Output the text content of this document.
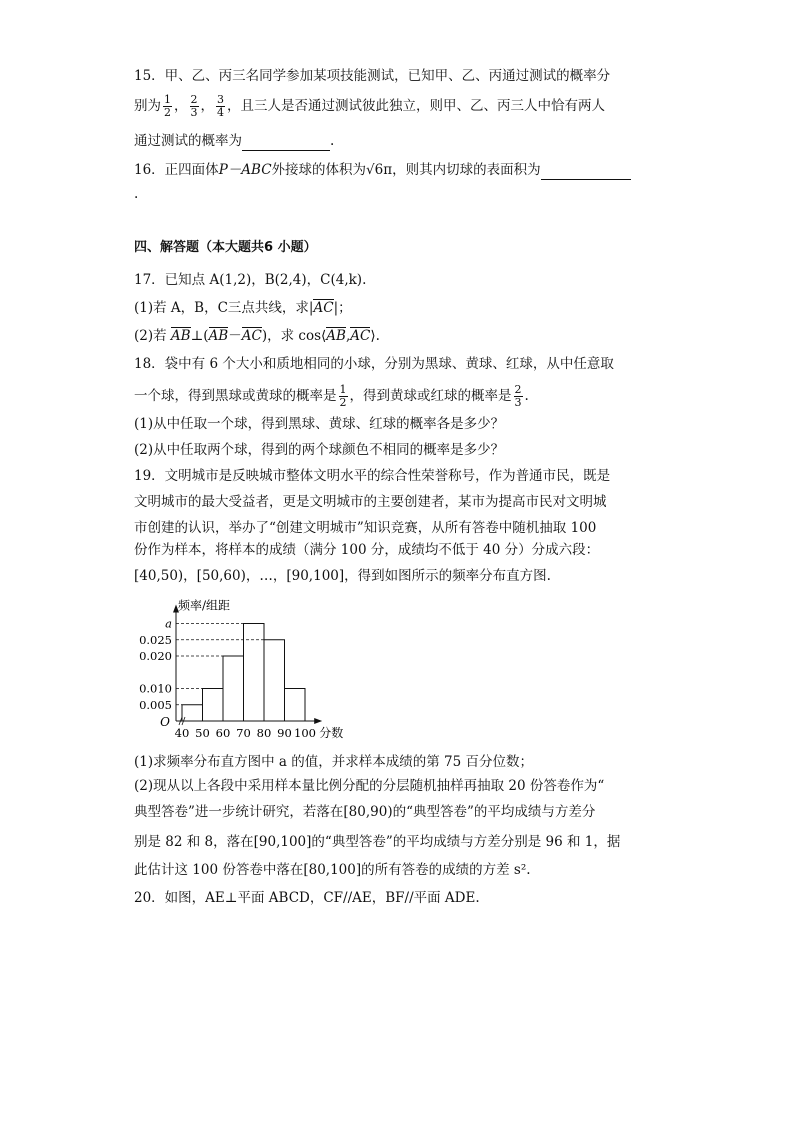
15．甲、乙、丙三名同学参加某项技能测试，已知甲、乙、丙通过测试的概率分
别为 $\frac{1}{2}$ ， $\frac{2}{3}$ ， $\frac{3}{4}$ ，且三人是否通过测试彼此独立，则甲、乙、丙三人中恰有两人
通过测试的概率为	.
16．正四面体P－ABC外接球的体积为√6π，则其内切球的表面积为
.
四、解答题（本大题共6 小题）
17．已知点 A(1,2)，B(2,4)，C(4,k).
(1)若 A，B，C三点共线，求|AC|；
(2)若 AB⊥(AB－AC)，求 cos⟨AB,AC⟩.
18．袋中有 6 个大小和质地相同的小球，分别为黑球、黄球、红球，从中任意取
一个球，得到黑球或黄球的概率是 $\frac{1}{2}$ ，得到黄球或红球的概率是 $\frac{2}{3}$ .
(1)从中任取一个球，得到黑球、黄球、红球的概率各是多少？
(2)从中任取两个球，得到的两个球颜色不相同的概率是多少？
19．文明城市是反映城市整体文明水平的综合性荣誉称号，作为普通市民，既是
文明城市的最大受益者，更是文明城市的主要创建者，某市为提高市民对文明城
市创建的认识，举办了“创建文明城市”知识竞赛，从所有答卷中随机抽取 100
份作为样本，将样本的成绩（满分 100 分，成绩均不低于 40 分）分成六段：
[40,50)，[50,60)，…，[90,100]，得到如图所示的频率分布直方图.
0.005
0.010
0.020
0.025
a
40 50 60 70 80 90 100 分数
频率/组距
O
(1)求频率分布直方图中 a 的值，并求样本成绩的第 75 百分位数；
(2)现从以上各段中采用样本量比例分配的分层随机抽样再抽取 20 份答卷作为“
典型答卷”进一步统计研究，若落在[80,90)的“典型答卷”的平均成绩与方差分
别是 82 和 8，落在[90,100]的“典型答卷”的平均成绩与方差分别是 96 和 1，据
此估计这 100 份答卷中落在[80,100]的所有答卷的成绩的方差 s².
20．如图，AE⊥平面 ABCD，CF//AE，BF//平面 ADE.
